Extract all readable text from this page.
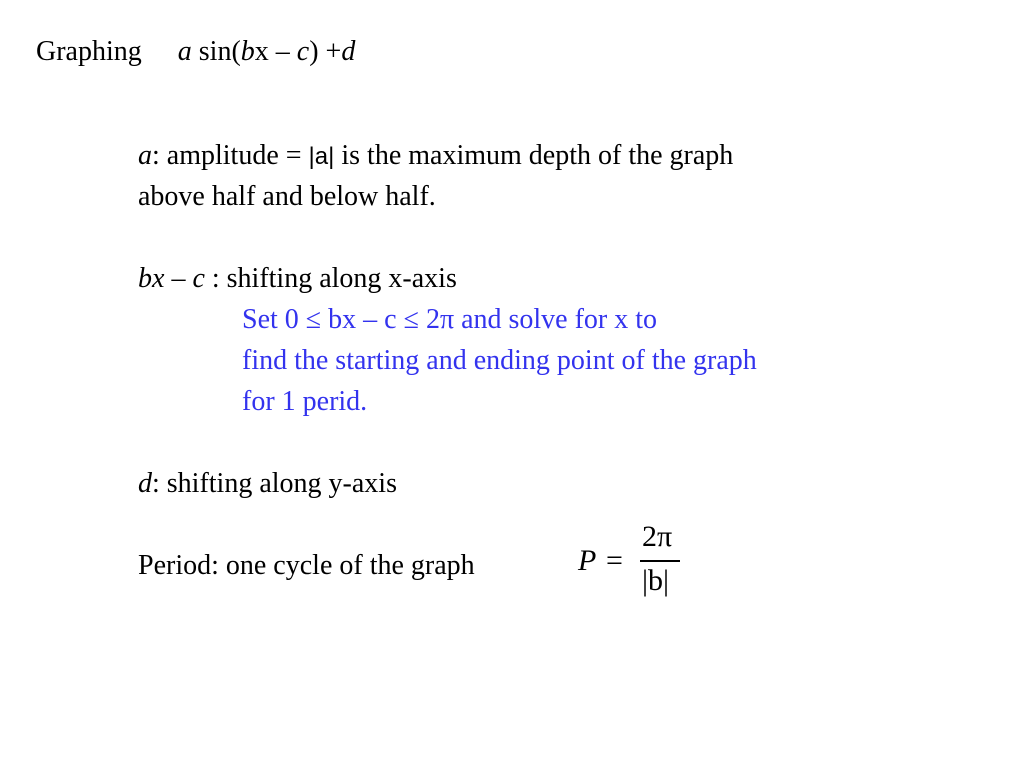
Graphing a sin(bx – c) +d
a: amplitude = |a| is the maximum depth of the graph
above half and below half.
bx – c : shifting along x-axis
Set 0 ≤ bx – c ≤ 2π and solve for x to
find the starting and ending point of the graph
for 1 perid.
d: shifting along y-axis
Period: one cycle of the graph	P =
2π
|b|
